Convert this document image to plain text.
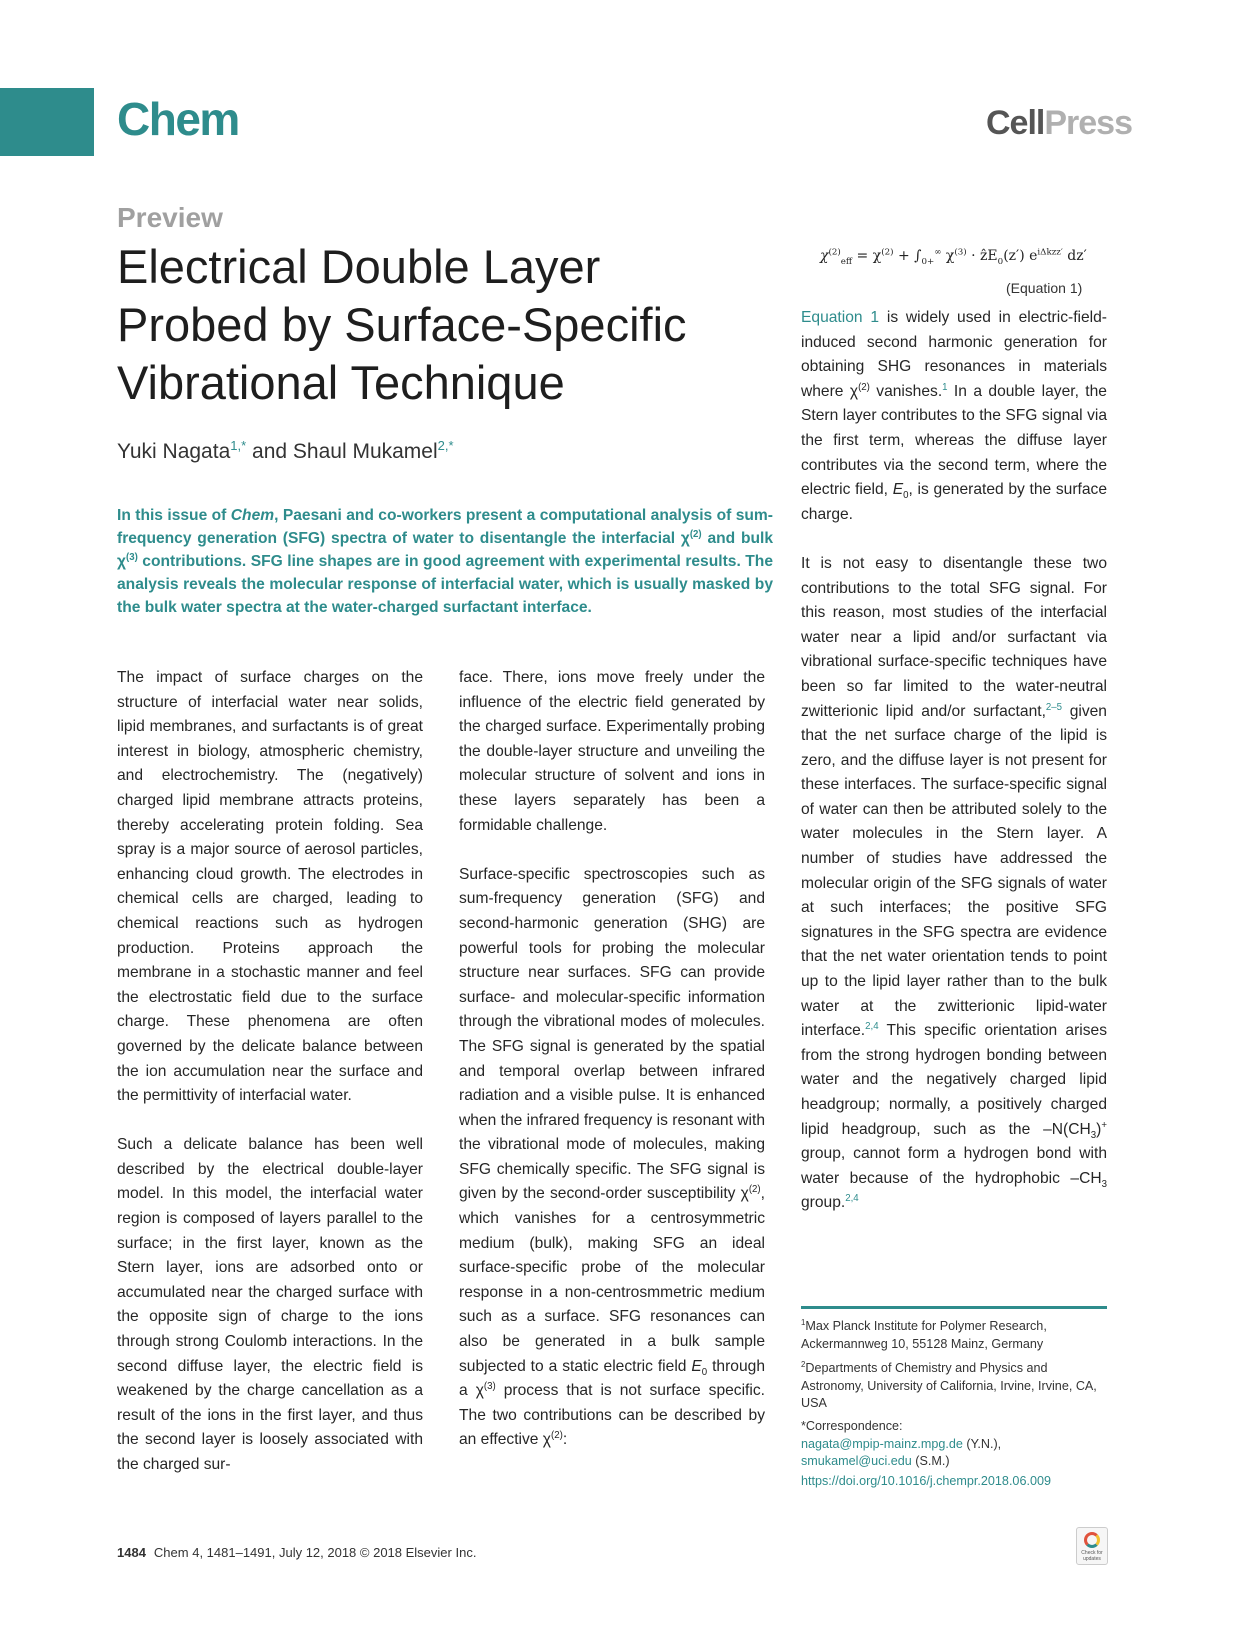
Chem	CellPress
Preview
Electrical Double Layer Probed by Surface-Specific Vibrational Technique
Yuki Nagata$^{1,*}$ and Shaul Mukamel$^{2,*}$
In this issue of Chem, Paesani and co-workers present a computational analysis of sum-frequency generation (SFG) spectra of water to disentangle the interfacial $\chi^{(2)}$ and bulk $\chi^{(3)}$ contributions. SFG line shapes are in good agreement with experimental results. The analysis reveals the molecular response of interfacial water, which is usually masked by the bulk water spectra at the water-charged surfactant interface.

The impact of surface charges on the structure of interfacial water near solids, lipid membranes, and surfactants is of great interest in biology, atmospheric chemistry, and electrochemistry. The (negatively) charged lipid membrane attracts proteins, thereby accelerating protein folding. Sea spray is a major source of aerosol particles, enhancing cloud growth. The electrodes in chemical cells are charged, leading to chemical reactions such as hydrogen production. Proteins approach the membrane in a stochastic manner and feel the electrostatic field due to the surface charge. These phenomena are often governed by the delicate balance between the ion accumulation near the surface and the permittivity of interfacial water.

Such a delicate balance has been well described by the electrical double-layer model. In this model, the interfacial water region is composed of layers parallel to the surface; in the first layer, known as the Stern layer, ions are adsorbed onto or accumulated near the charged surface with the opposite sign of charge to the ions through strong Coulomb interactions. In the second diffuse layer, the electric field is weakened by the charge cancellation as a result of the ions in the first layer, and thus the second layer is loosely associated with the charged sur-

face. There, ions move freely under the influence of the electric field generated by the charged surface. Experimentally probing the double-layer structure and unveiling the molecular structure of solvent and ions in these layers separately has been a formidable challenge.

Surface-specific spectroscopies such as sum-frequency generation (SFG) and second-harmonic generation (SHG) are powerful tools for probing the molecular structure near surfaces. SFG can provide surface- and molecular-specific information through the vibrational modes of molecules. The SFG signal is generated by the spatial and temporal overlap between infrared radiation and a visible pulse. It is enhanced when the infrared frequency is resonant with the vibrational mode of molecules, making SFG chemically specific. The SFG signal is given by the second-order susceptibility $\chi^{(2)}$, which vanishes for a centrosymmetric medium (bulk), making SFG an ideal surface-specific probe of the molecular response in a non-centrosmmetric medium such as a surface. SFG resonances can also be generated in a bulk sample subjected to a static electric field $E_0$ through a $\chi^{(3)}$ process that is not surface specific. The two contributions can be described by an effective $\chi^{(2)}$:

$\chi^{(2)}_{eff} = \chi^{(2)} + \int_{0+}^\infty$ $\chi^{(3)}$ · ẑE$_0$(z′) $e^{i\Delta kzz'}$ dz′
(Equation 1)

Equation 1 is widely used in electric-field-induced second harmonic generation for obtaining SHG resonances in materials where $\chi^{(2)}$ vanishes.$^1$ In a double layer, the Stern layer contributes to the SFG signal via the first term, whereas the diffuse layer contributes via the second term, where the electric field, $E_0$, is generated by the surface charge.

It is not easy to disentangle these two contributions to the total SFG signal. For this reason, most studies of the interfacial water near a lipid and/or surfactant via vibrational surface-specific techniques have been so far limited to the water-neutral zwitterionic lipid and/or surfactant,$^{2-5}$ given that the net surface charge of the lipid is zero, and the diffuse layer is not present for these interfaces. The surface-specific signal of water can then be attributed solely to the water molecules in the Stern layer. A number of studies have addressed the molecular origin of the SFG signals of water at such interfaces; the positive SFG signatures in the SFG spectra are evidence that the net water orientation tends to point up to the lipid layer rather than to the bulk water at the zwitterionic lipid-water interface.$^{2,4}$ This specific orientation arises from the strong hydrogen bonding between water and the negatively charged lipid headgroup; normally, a positively charged lipid headgroup, such as the $-N(CH_3)^+$ group, cannot form a hydrogen bond with water because of the hydrophobic $-CH_3$ group.$^{2,4}$

$^1$Max Planck Institute for Polymer Research, Ackermannweg 10, 55128 Mainz, Germany

$^2$Departments of Chemistry and Physics and Astronomy, University of California, Irvine, Irvine, CA, USA

*Correspondence:

nagata@mpip-mainz.mpg.de (Y.N.),

smukamel@uci.edu (S.M.)

https://doi.org/10.1016/j.chempr.2018.06.009
1484 Chem 4, 1481–1491, July 12, 2018 © 2018 Elsevier Inc.	Check for updates
